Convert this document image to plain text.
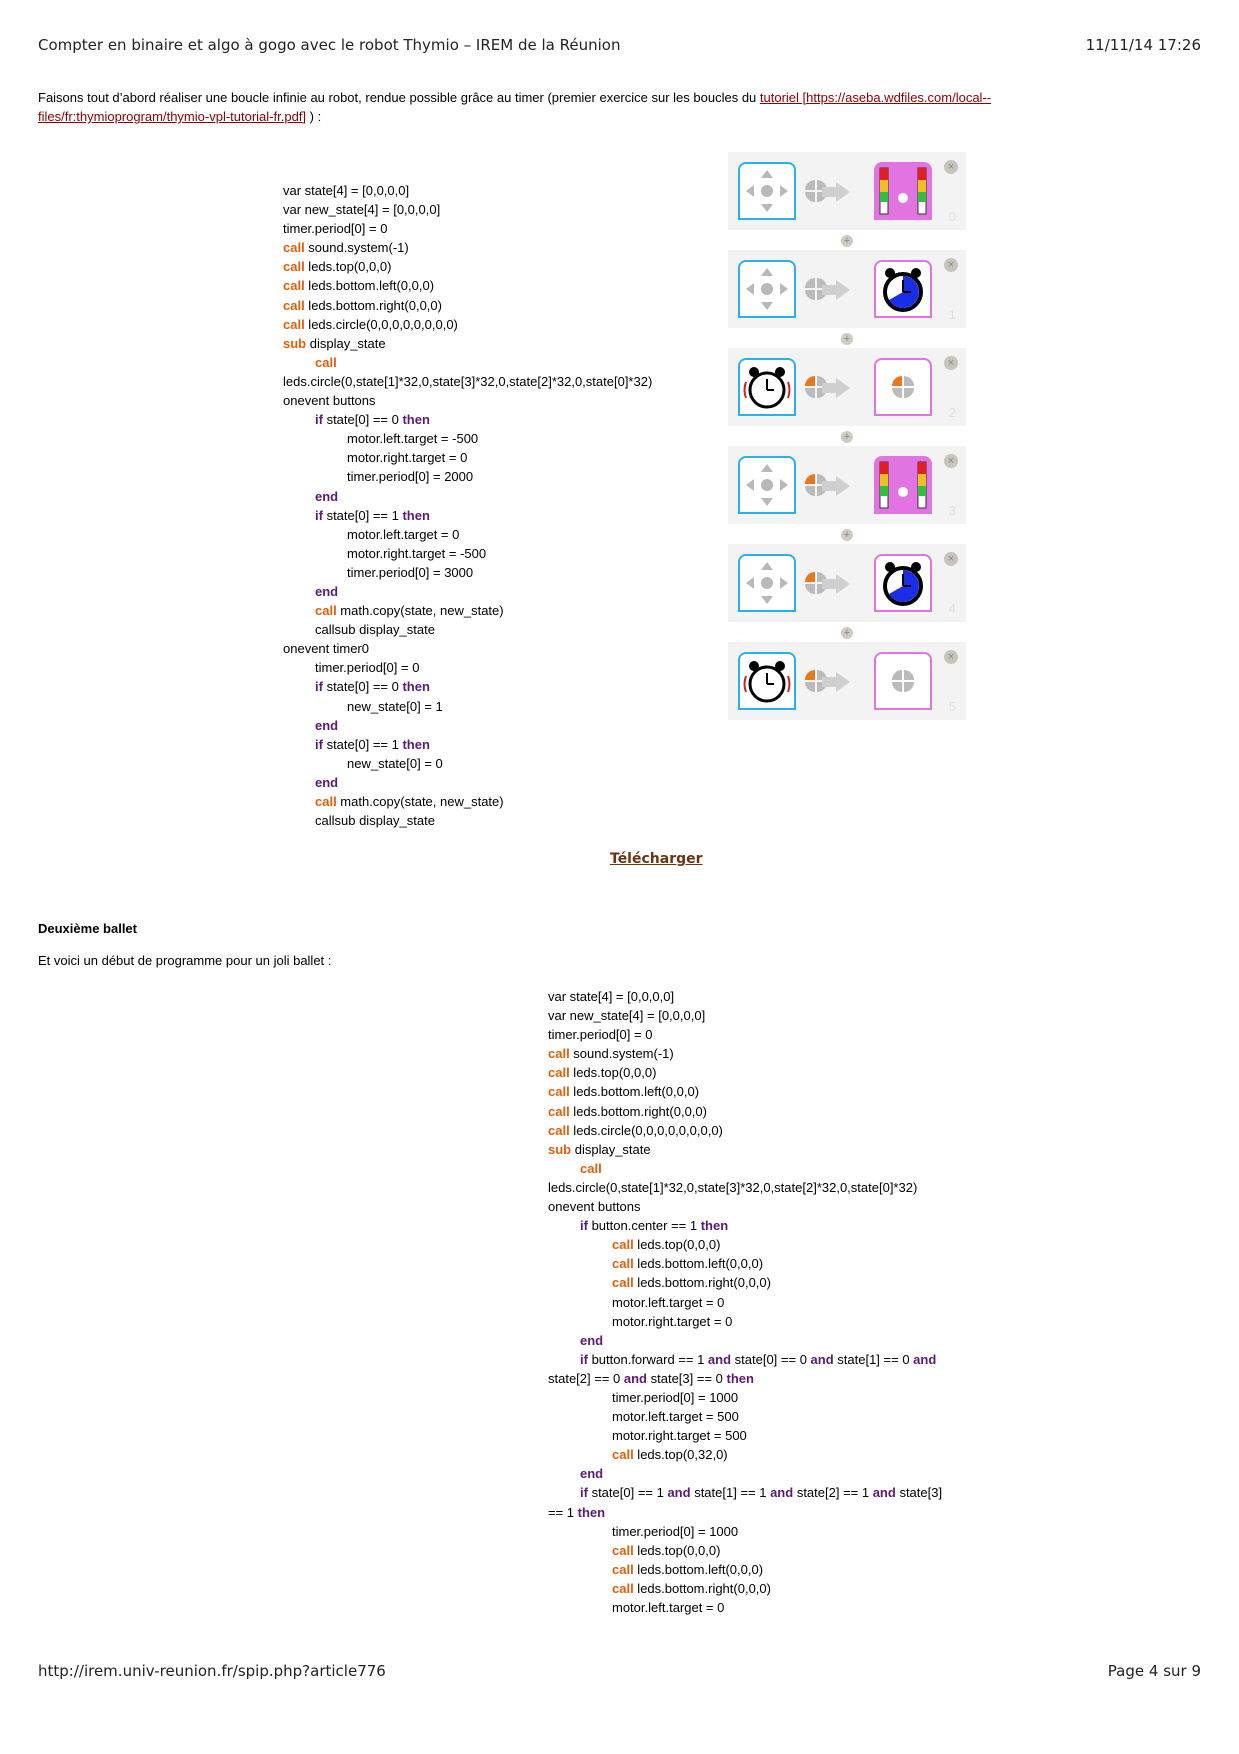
Compter en binaire et algo à gogo avec le robot Thymio – IREM de la Réunion	11/11/14 17:26
Faisons tout d’abord réaliser une boucle infinie au robot, rendue possible grâce au timer (premier exercice sur les boucles du tutoriel [https://aseba.wdfiles.com/local--files/fr:thymioprogram/thymio-vpl-tutorial-fr.pdf] ) :
var state[4] = [0,0,0,0]
var new_state[4] = [0,0,0,0]
timer.period[0] = 0
call sound.system(-1)
call leds.top(0,0,0)
call leds.bottom.left(0,0,0)
call leds.bottom.right(0,0,0)
call leds.circle(0,0,0,0,0,0,0,0)
sub display_state
call
leds.circle(0,state[1]*32,0,state[3]*32,0,state[2]*32,0,state[0]*32)
onevent buttons
if state[0] == 0 then
motor.left.target = -500
motor.right.target = 0
timer.period[0] = 2000
end
if state[0] == 1 then
motor.left.target = 0
motor.right.target = -500
timer.period[0] = 3000
end
call math.copy(state, new_state)
callsub display_state
onevent timer0
timer.period[0] = 0
if state[0] == 0 then
new_state[0] = 1
end
if state[0] == 1 then
new_state[0] = 0
end
call math.copy(state, new_state)
callsub display_state
×
0
+
×
1
+
×
2
+
×
3
+
×
4
+
×
5
Télécharger
Deuxième ballet
Et voici un début de programme pour un joli ballet :
var state[4] = [0,0,0,0]
var new_state[4] = [0,0,0,0]
timer.period[0] = 0
call sound.system(-1)
call leds.top(0,0,0)
call leds.bottom.left(0,0,0)
call leds.bottom.right(0,0,0)
call leds.circle(0,0,0,0,0,0,0,0)
sub display_state
call
leds.circle(0,state[1]*32,0,state[3]*32,0,state[2]*32,0,state[0]*32)
onevent buttons
if button.center == 1 then
call leds.top(0,0,0)
call leds.bottom.left(0,0,0)
call leds.bottom.right(0,0,0)
motor.left.target = 0
motor.right.target = 0
end
if button.forward == 1 and state[0] == 0 and state[1] == 0 and
state[2] == 0 and state[3] == 0 then
timer.period[0] = 1000
motor.left.target = 500
motor.right.target = 500
call leds.top(0,32,0)
end
if state[0] == 1 and state[1] == 1 and state[2] == 1 and state[3]
== 1 then
timer.period[0] = 1000
call leds.top(0,0,0)
call leds.bottom.left(0,0,0)
call leds.bottom.right(0,0,0)
motor.left.target = 0
http://irem.univ-reunion.fr/spip.php?article776	Page 4 sur 9
